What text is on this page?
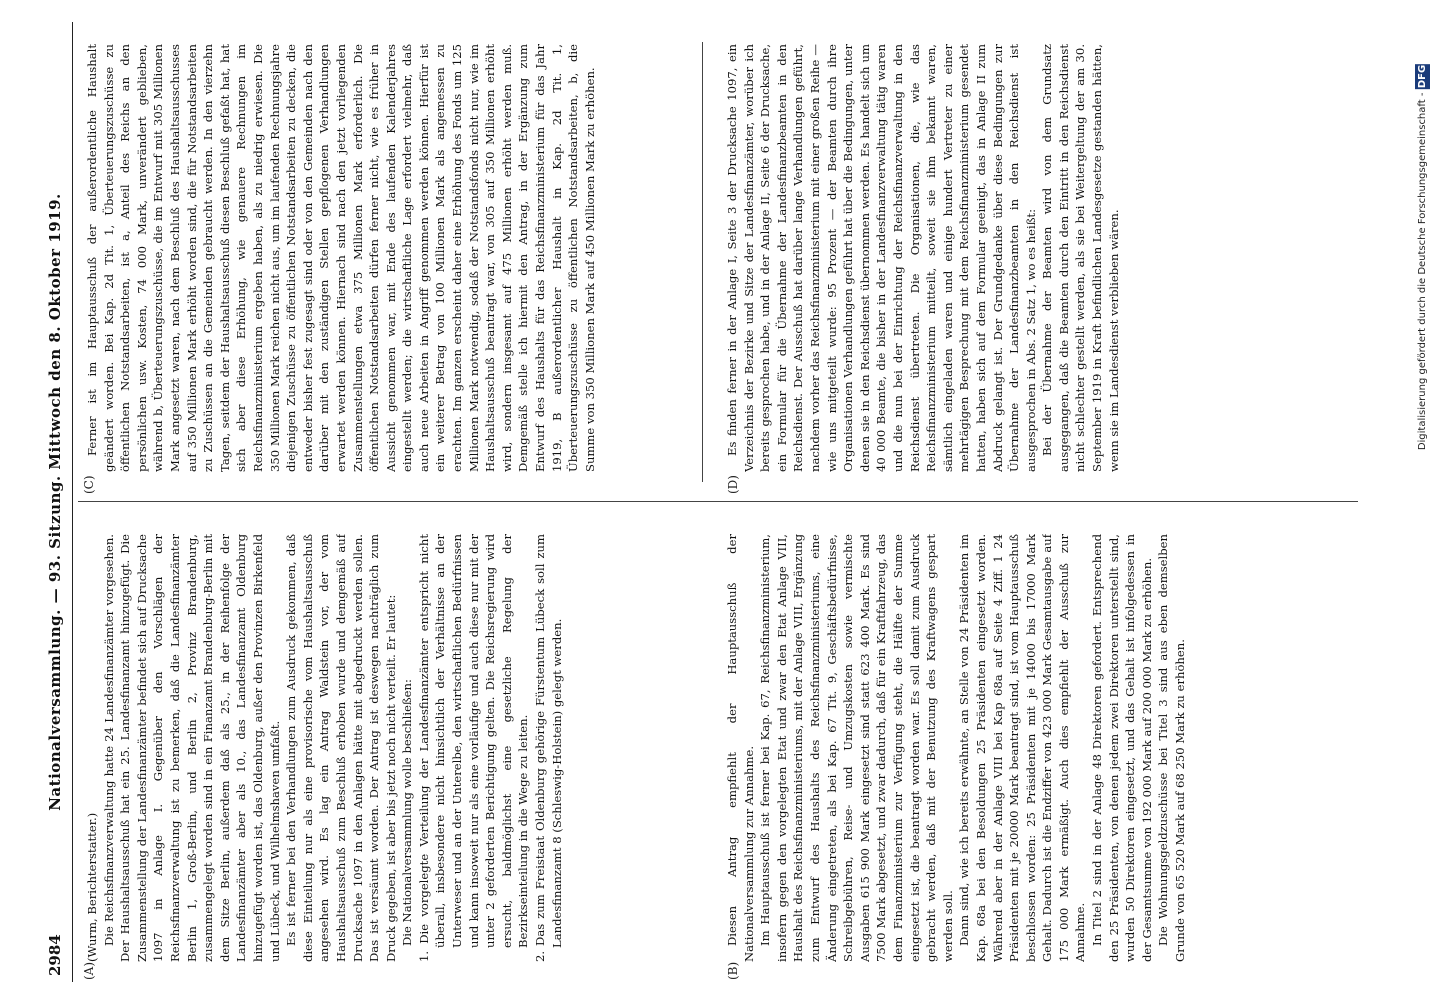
2984
Nationalversammlung. — 93. Sitzung. Mittwoch den 8. Oktober 1919.
(A)	(B)
(C)	(D)

(Wurm, Berichterstatter.) Die Reichsfinanzverwaltung hatte 24 Landesfinanzämter vorgesehen. Der Haushaltsausschuß hat ein 25. Landesfinanzamt hinzugefügt. Die Zusammenstellung der Landesfinanzämter befindet sich auf Drucksache 1097 in Anlage I. Gegenüber den Vorschlägen der Reichsfinanzverwaltung ist zu bemerken, daß die Landesfinanzämter Berlin 1, Groß-Berlin, und Berlin 2, Provinz Brandenburg, zusammengelegt worden sind in ein Finanzamt Brandenburg-Berlin mit dem Sitze Berlin, außerdem daß als 25., in der Reihenfolge der Landesfinanzämter aber als 10., das Landesfinanzamt Oldenburg hinzugefügt worden ist, das Oldenburg, außer den Provinzen Birkenfeld und Lübeck, und Wilhelmshaven umfaßt. Es ist ferner bei den Verhandlungen zum Ausdruck gekommen, daß diese Einteilung nur als eine provisorische vom Haushaltsausschuß angesehen wird. Es lag ein Antrag Waldstein vor, der vom Haushaltsausschuß zum Beschluß erhoben wurde und demgemäß auf Drucksache 1097 in den Anlagen hätte mit abgedruckt werden sollen. Das ist versäumt worden. Der Antrag ist deswegen nachträglich zum Druck gegeben, ist aber bis jetzt noch nicht verteilt. Er lautet: Die Nationalversammlung wolle beschließen: 1. Die vorgelegte Verteilung der Landesfinanzämter entspricht nicht überall, insbesondere nicht hinsichtlich der Verhältnisse an der Unterweser und an der Unterelbe, den wirtschaftlichen Bedürfnissen und kann insoweit nur als eine vorläufige und auch diese nur mit der unter 2 geforderten Berichtigung gelten. Die Reichsregierung wird ersucht, baldmöglichst eine gesetzliche Regelung der Bezirkseinteilung in die Wege zu leiten. 2. Das zum Freistaat Oldenburg gehörige Fürstentum Lübeck soll zum Landesfinanzamt 8 (Schleswig-Holstein) gelegt werden.	Diesen Antrag empfiehlt der Hauptausschuß der Nationalversammlung zur Annahme. Im Hauptausschuß ist ferner bei Kap. 67, Reichsfinanzministerium, insofern gegen den vorgelegten Etat und zwar den Etat Anlage VIII, Haushalt des Reichsfinanzministeriums, mit der Anlage VIII, Ergänzung zum Entwurf des Haushalts des Reichsfinanzministeriums, eine Änderung eingetreten, als bei Kap. 67 Tit. 9, Geschäftsbedürfnisse, Schreibgebühren, Reise- und Umzugskosten sowie vermischte Ausgaben 615 900 Mark eingesetzt sind statt 623 400 Mark. Es sind 7500 Mark abgesetzt, und zwar dadurch, daß für ein Kraftfahrzeug, das dem Finanzministerium zur Verfügung steht, die Hälfte der Summe eingesetzt ist, die beantragt worden war. Es soll damit zum Ausdruck gebracht werden, daß mit der Benutzung des Kraftwagens gespart werden soll. Dann sind, wie ich bereits erwähnte, an Stelle von 24 Präsidenten im Kap. 68a bei den Besoldungen 25 Präsidenten eingesetzt worden. Während aber in der Anlage VIII bei Kap 68a auf Seite 4 Ziff. 1 24 Präsidenten mit je 20000 Mark beantragt sind, ist vom Hauptausschuß beschlossen worden: 25 Präsidenten mit je 14000 bis 17000 Mark Gehalt. Dadurch ist die Endziffer von 423 000 Mark Gesamtausgabe auf 175 000 Mark ermäßigt. Auch dies empfiehlt der Ausschuß zur Annahme. In Titel 2 sind in der Anlage 48 Direktoren gefordert. Entsprechend den 25 Präsidenten, von denen jedem zwei Direktoren unterstellt sind, wurden 50 Direktoren eingesetzt, und das Gehalt ist infolgedessen in der Gesamtsumme von 192 000 Mark auf 200 000 Mark zu erhöhen. Die Wohnungsgeldzuschüsse bei Titel 3 sind aus eben demselben Grunde von 65 520 Mark auf 68 250 Mark zu erhöhen.

Ferner ist im Hauptausschuß der außerordentliche Haushalt geändert worden. Bei Kap. 2d Tit. 1, Überteuerungszuschüsse zu öffentlichen Notstandsarbeiten, ist a, Anteil des Reichs an den persönlichen usw. Kosten, 74 000 Mark, unverändert geblieben, während b, Überteuerungszuschüsse, die im Entwurf mit 305 Millionen Mark angesetzt waren, nach dem Beschluß des Haushaltsausschusses auf 350 Millionen Mark erhöht worden sind, die für Notstandsarbeiten zu Zuschüssen an die Gemeinden gebraucht werden. In den vierzehn Tagen, seitdem der Haushaltsausschuß diesen Beschluß gefaßt hat, hat sich aber diese Erhöhung, wie genauere Rechnungen im Reichsfinanzministerium ergeben haben, als zu niedrig erwiesen. Die 350 Millionen Mark reichen nicht aus, um im laufenden Rechnungsjahre diejenigen Zuschüsse zu öffentlichen Notstandsarbeiten zu decken, die entweder bisher fest zugesagt sind oder von den Gemeinden nach den darüber mit den zuständigen Stellen gepflogenen Verhandlungen erwartet werden können. Hiernach sind nach den jetzt vorliegenden Zusammenstellungen etwa 375 Millionen Mark erforderlich. Die öffentlichen Notstandsarbeiten dürfen ferner nicht, wie es früher in Aussicht genommen war, mit Ende des laufenden Kalenderjahres eingestellt werden; die wirtschaftliche Lage erfordert vielmehr, daß auch neue Arbeiten in Angriff genommen werden können. Hierfür ist ein weiterer Betrag von 100 Millionen Mark als angemessen zu erachten. Im ganzen erscheint daher eine Erhöhung des Fonds um 125 Millionen Mark notwendig, sodaß der Notstandsfonds nicht nur, wie im Haushaltsausschuß beantragt war, von 305 auf 350 Millionen erhöht wird, sondern insgesamt auf 475 Millionen erhöht werden muß. Demgemäß stelle ich hiermit den Antrag, in der Ergänzung zum Entwurf des Haushalts für das Reichsfinanzministerium für das Jahr 1919, B außerordentlicher Haushalt in Kap. 2d Tit. 1, Überteuerungszuschüsse zu öffentlichen Notstandsarbeiten, b, die Summe von 350 Millionen Mark auf 450 Millionen Mark zu erhöhen.	Es finden ferner in der Anlage I, Seite 3 der Drucksache 1097, ein Verzeichnis der Bezirke und Sitze der Landesfinanzämter, worüber ich bereits gesprochen habe, und in der Anlage II, Seite 6 der Drucksache, ein Formular für die Übernahme der Landesfinanzbeamten in den Reichsdienst. Der Ausschuß hat darüber lange Verhandlungen geführt, nachdem vorher das Reichsfinanzministerium mit einer großen Reihe — wie uns mitgeteilt wurde: 95 Prozent — der Beamten durch ihre Organisationen Verhandlungen geführt hat über die Bedingungen, unter denen sie in den Reichsdienst übernommen werden. Es handelt sich um 40 000 Beamte, die bisher in der Landesfinanzverwaltung tätig waren und die nun bei der Einrichtung der Reichsfinanzverwaltung in den Reichsdienst übertreten. Die Organisationen, die, wie das Reichsfinanzministerium mitteilt, soweit sie ihm bekannt waren, sämtlich eingeladen waren und einige hundert Vertreter zu einer mehrtägigen Besprechung mit dem Reichsfinanzministerium gesendet hatten, haben sich auf dem Formular geeinigt, das in Anlage II zum Abdruck gelangt ist. Der Grundgedanke über diese Bedingungen zur Übernahme der Landesfinanzbeamten in den Reichsdienst ist ausgesprochen in Abs. 2 Satz 1, wo es heißt: Bei der Übernahme der Beamten wird von dem Grundsatz ausgegangen, daß die Beamten durch den Eintritt in den Reichsdienst nicht schlechter gestellt werden, als sie bei Weitergeltung der am 30. September 1919 in Kraft befindlichen Landesgesetze gestanden hätten, wenn sie im Landesdienst verblieben wären.	Digitalisierung gefördert durch die Deutsche Forschungsgemeinschaft - DFG
